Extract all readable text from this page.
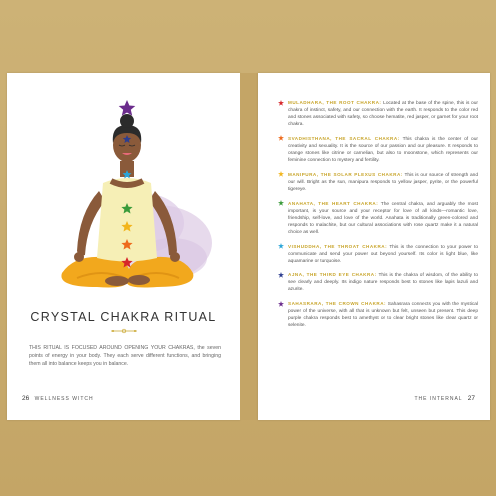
CRYSTAL CHAKRA RITUAL
THIS RITUAL IS FOCUSED AROUND OPENING YOUR CHAKRAS, the seven points of energy in your body. They each serve different functions, and bringing them all into balance keeps you in balance.
26 WELLNESS WITCH
MULADHARA, THE ROOT CHAKRA: Located at the base of the spine, this is our chakra of instinct, safety, and our connection with the earth. It responds to the color red and stones associated with safety, so choose hematite, red jasper, or garnet for your root chakra.
SVADHISTHANA, THE SACRAL CHAKRA: This chakra is the center of our creativity and sexuality. It is the source of our passion and our pleasure. It responds to orange stones like citrine or carnelian, but also to moonstone, which represents our feminine connection to mystery and fertility.
MANIPURA, THE SOLAR PLEXUS CHAKRA: This is our source of strength and our will. Bright as the sun, manipura responds to yellow jasper, pyrite, or the powerful tigereye.
ANAHATA, THE HEART CHAKRA: The central chakra, and arguably the most important, is your source and your receptor for love of all kinds—romantic love, friendship, self-love, and love of the world. Anahata is traditionally green-colored and responds to malachite, but our cultural associations with rose quartz make it a natural choice as well.
VISHUDDHA, THE THROAT CHAKRA: This is the connection to your power to communicate and send your power out beyond yourself. Its color is light blue, like aquamarine or turquoise.
AJNA, THE THIRD EYE CHAKRA: This is the chakra of wisdom, of the ability to see clearly and deeply. Its indigo nature responds best to stones like lapis lazuli and azurite.
SAHASRARA, THE CROWN CHAKRA: Sahasrara connects you with the mystical power of the universe, with all that is unknown but felt, unseen but present. This deep purple chakra responds best to amethyst or to clear bright stones like clear quartz or selenite.
THE INTERNAL 27
